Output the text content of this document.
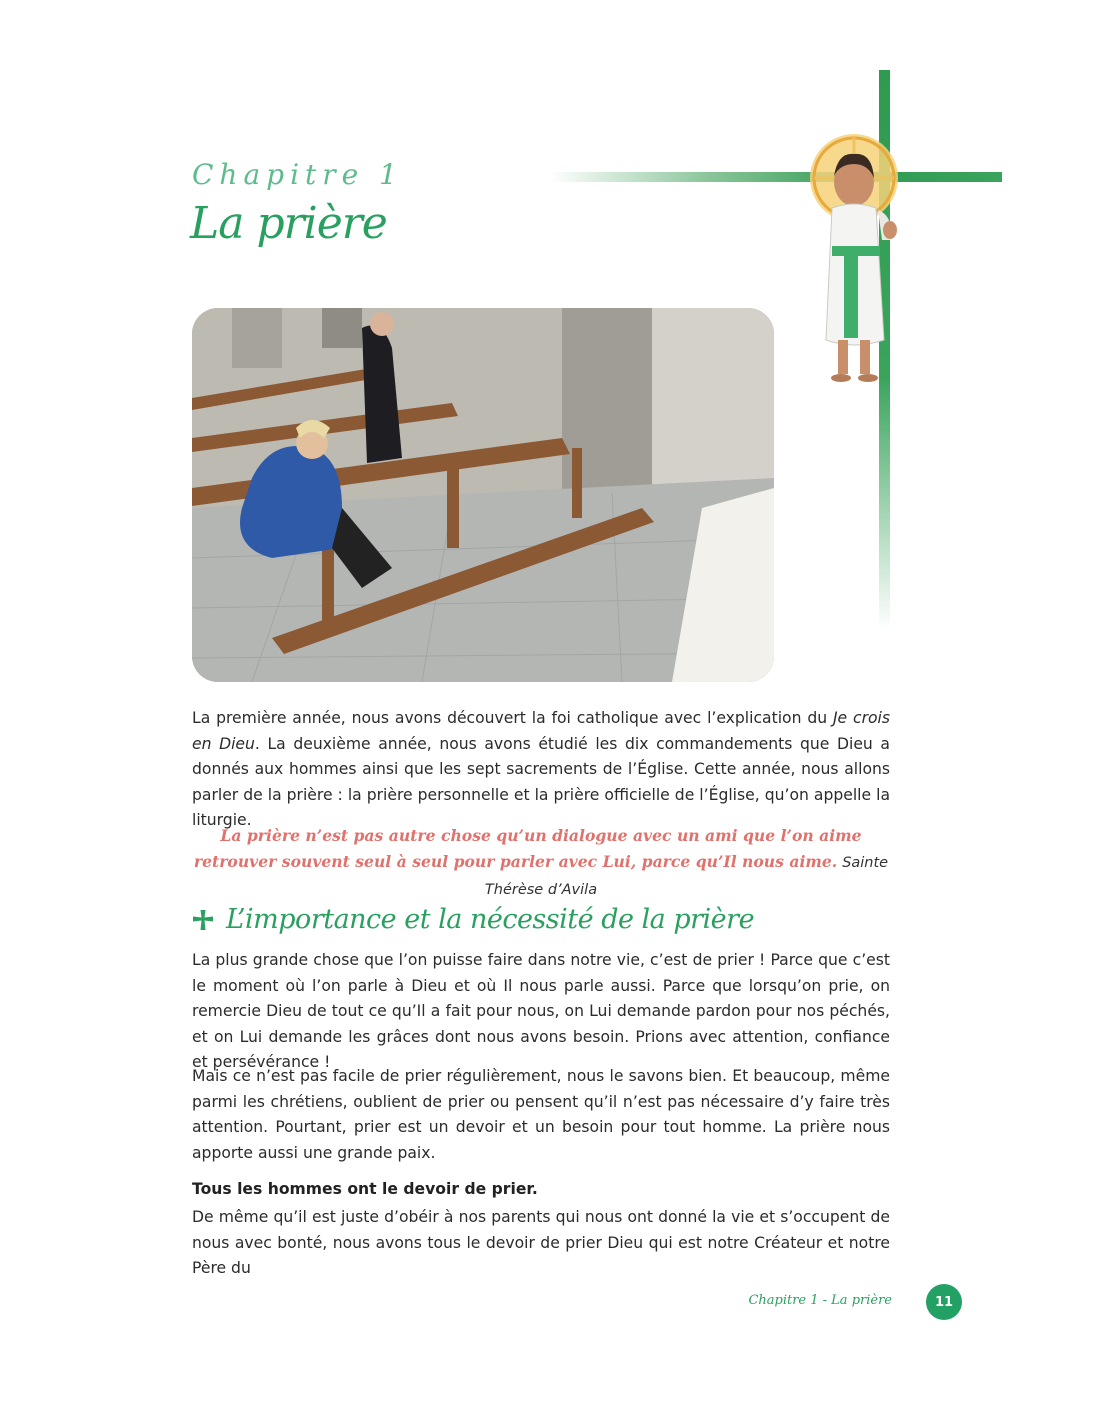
Chapitre 1
La prière

La première année, nous avons découvert la foi catholique avec l’explication du Je crois en Dieu. La deuxième année, nous avons étudié les dix commandements que Dieu a donnés aux hommes ainsi que les sept sacrements de l’Église. Cette année, nous allons parler de la prière : la prière personnelle et la prière officielle de l’Église, qu’on appelle la liturgie.

La prière n’est pas autre chose qu’un dialogue avec un ami que l’on aime retrouver souvent seul à seul pour parler avec Lui, parce qu’Il nous aime. Sainte Thérèse d’Avila
L’importance et la nécessité de la prière

La plus grande chose que l’on puisse faire dans notre vie, c’est de prier ! Parce que c’est le moment où l’on parle à Dieu et où Il nous parle aussi. Parce que lorsqu’on prie, on remercie Dieu de tout ce qu’Il a fait pour nous, on Lui demande pardon pour nos péchés, et on Lui demande les grâces dont nous avons besoin. Prions avec attention, confiance et persévérance !

Mais ce n’est pas facile de prier régulièrement, nous le savons bien. Et beaucoup, même parmi les chrétiens, oublient de prier ou pensent qu’il n’est pas nécessaire d’y faire très attention. Pourtant, prier est un devoir et un besoin pour tout homme. La prière nous apporte aussi une grande paix.

Tous les hommes ont le devoir de prier.

De même qu’il est juste d’obéir à nos parents qui nous ont donné la vie et s’occupent de nous avec bonté, nous avons tous le devoir de prier Dieu qui est notre Créateur et notre Père du

Chapitre 1 - La prière	11
